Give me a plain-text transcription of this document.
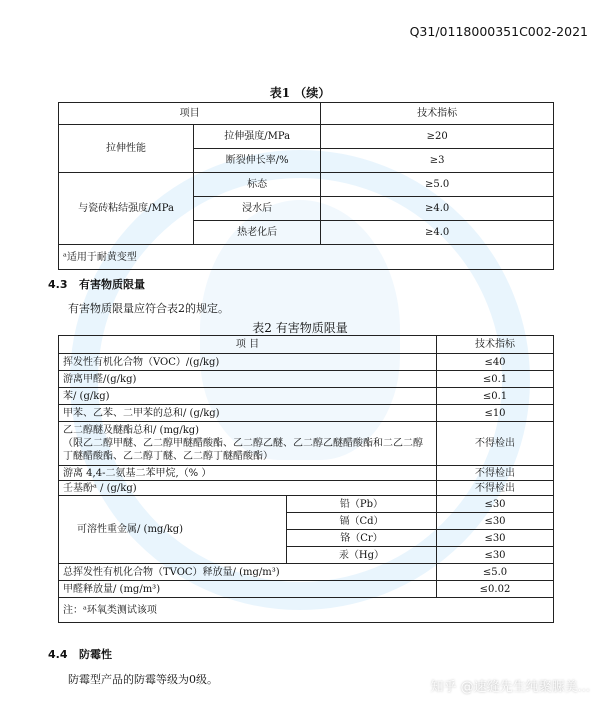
Q31/0118000351C002-2021
表1 （续）
项目		技术指标
拉伸性能	拉伸强度/MPa	≥20
	断裂伸长率/%	≥3
与瓷砖粘结强度/MPa	标态	≥5.0
	浸水后	≥4.0
	热老化后	≥4.0
ᵃ适用于耐黄变型		
4.3 有害物质限量
有害物质限量应符合表2的规定。
表2 有害物质限量
项 目		技术指标
挥发性有机化合物（VOC）/(g/kg)		≤40
游离甲醛/(g/kg)		≤0.1
苯/ (g/kg)		≤0.1
甲苯、乙苯、二甲苯的总和/ (g/kg)		≤10
乙二醇醚及醚酯总和/ (mg/kg)
（限乙二醇甲醚、乙二醇甲醚醋酸酯、乙二醇乙醚、乙二醇乙醚醋酸酯和二乙二醇丁醚醋酸酯、乙二醇丁醚、乙二醇丁醚醋酸酯）		不得检出
游离 4,4-二氨基二苯甲烷,（% ）		不得检出
壬基酚ᵃ / (g/kg)		不得检出
可溶性重金属/ (mg/kg)	铅（Pb）	≤30
	镉（Cd）	≤30
	铬（Cr）	≤30
	汞（Hg）	≤30
总挥发性有机化合物（TVOC）释放量/ (mg/m³)		≤5.0
甲醛释放量/ (mg/m³)		≤0.02
注：ᵃ环氧类测试该项		
4.4 防霉性
防霉型产品的防霉等级为0级。
知乎 @速缝先生纯聚脲美...
